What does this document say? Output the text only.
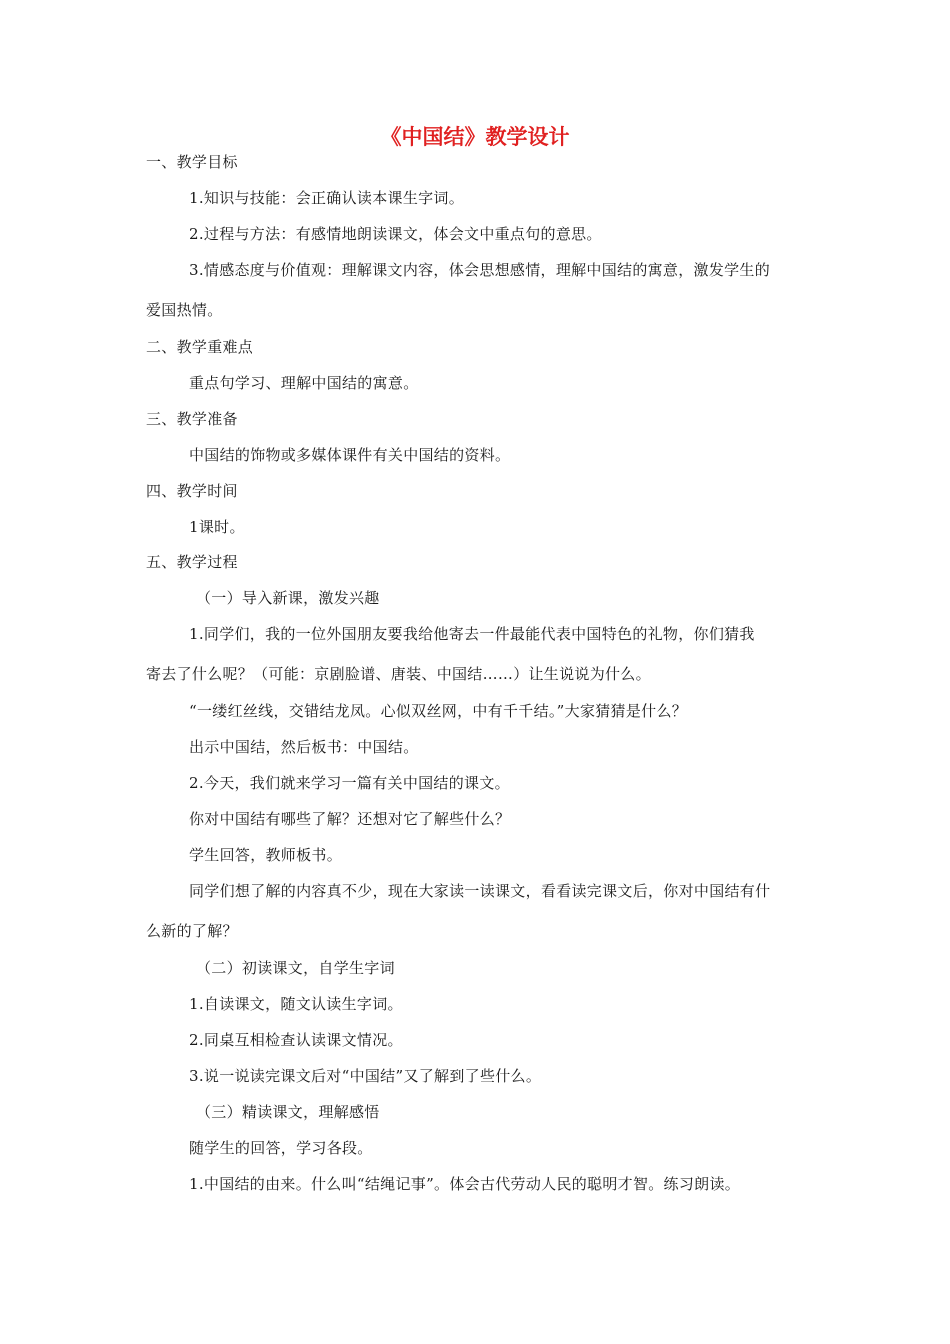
《中国结》教学设计
一、教学目标
1.知识与技能：会正确认读本课生字词。
2.过程与方法：有感情地朗读课文，体会文中重点句的意思。
3.情感态度与价值观：理解课文内容，体会思想感情，理解中国结的寓意，激发学生的
爱国热情。
二、教学重难点
重点句学习、理解中国结的寓意。
三、教学准备
中国结的饰物或多媒体课件有关中国结的资料。
四、教学时间
1课时。
五、教学过程
（一）导入新课，激发兴趣
1.同学们，我的一位外国朋友要我给他寄去一件最能代表中国特色的礼物，你们猜我
寄去了什么呢？（可能：京剧脸谱、唐装、中国结……）让生说说为什么。
“一缕红丝线，交错结龙凤。心似双丝网，中有千千结。”大家猜猜是什么？
出示中国结，然后板书：中国结。
2.今天，我们就来学习一篇有关中国结的课文。
你对中国结有哪些了解？还想对它了解些什么？
学生回答，教师板书。
同学们想了解的内容真不少，现在大家读一读课文，看看读完课文后，你对中国结有什
么新的了解？
（二）初读课文，自学生字词
1.自读课文，随文认读生字词。
2.同桌互相检查认读课文情况。
3.说一说读完课文后对“中国结”又了解到了些什么。
（三）精读课文，理解感悟
随学生的回答，学习各段。
1.中国结的由来。什么叫“结绳记事”。体会古代劳动人民的聪明才智。练习朗读。
